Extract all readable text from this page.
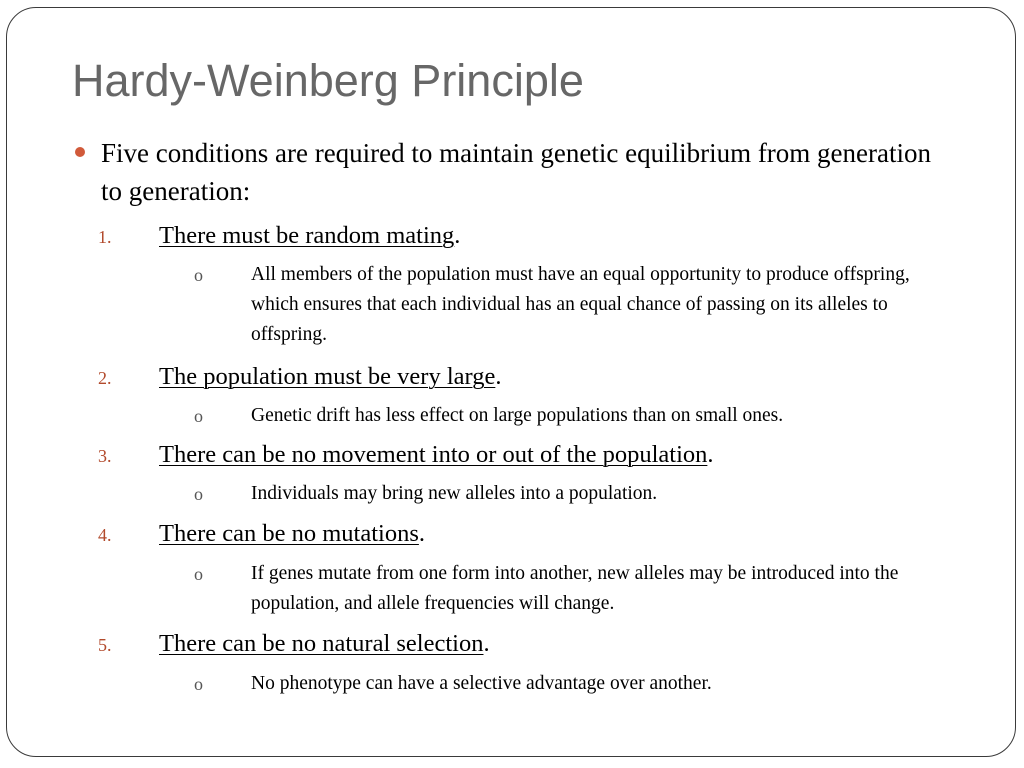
Hardy-Weinberg Principle
Five conditions are required to maintain genetic equilibrium from generation to generation:
1. There must be random mating.
o All members of the population must have an equal opportunity to produce offspring, which ensures that each individual has an equal chance of passing on its alleles to offspring.
2. The population must be very large.
o Genetic drift has less effect on large populations than on small ones.
3. There can be no movement into or out of the population.
o Individuals may bring new alleles into a population.
4. There can be no mutations.
o If genes mutate from one form into another, new alleles may be introduced into the population, and allele frequencies will change.
5. There can be no natural selection.
o No phenotype can have a selective advantage over another.
